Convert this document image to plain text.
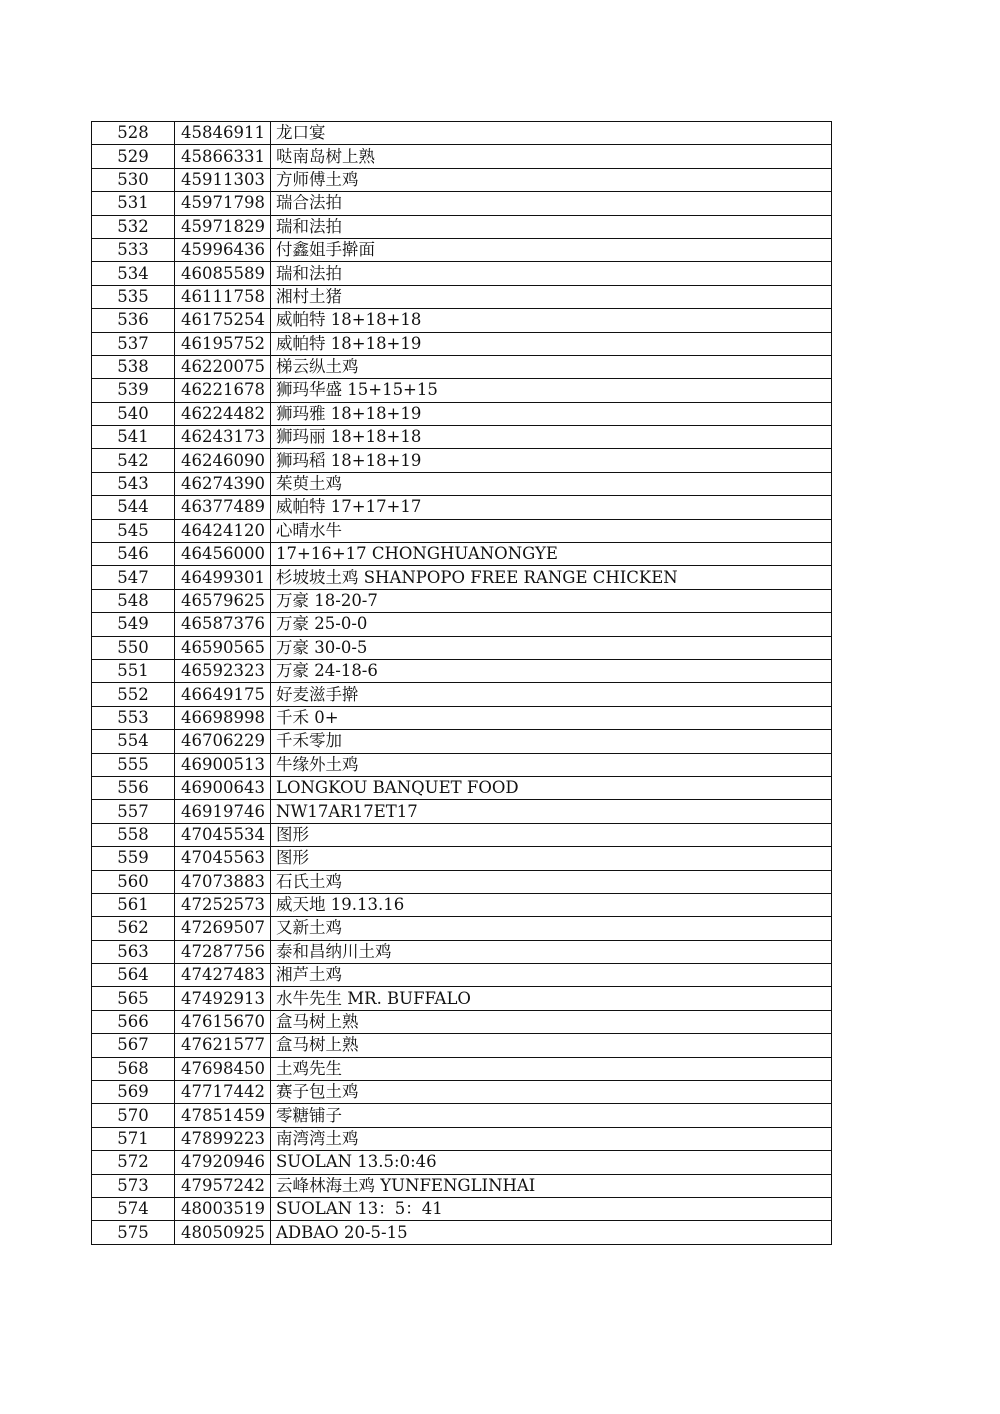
528	45846911	龙口宴
529	45866331	哒南岛树上熟
530	45911303	方师傅土鸡
531	45971798	瑞合法拍
532	45971829	瑞和法拍
533	45996436	付鑫姐手擀面
534	46085589	瑞和法拍
535	46111758	湘村土猪
536	46175254	威帕特 18+18+18
537	46195752	威帕特 18+18+19
538	46220075	梯云纵土鸡
539	46221678	狮玛华盛 15+15+15
540	46224482	狮玛雅 18+18+19
541	46243173	狮玛丽 18+18+18
542	46246090	狮玛稻 18+18+19
543	46274390	茱萸土鸡
544	46377489	威帕特 17+17+17
545	46424120	心晴水牛
546	46456000	17+16+17 CHONGHUANONGYE
547	46499301	杉坡坡土鸡 SHANPOPO FREE RANGE CHICKEN
548	46579625	万豪 18-20-7
549	46587376	万豪 25-0-0
550	46590565	万豪 30-0-5
551	46592323	万豪 24-18-6
552	46649175	好麦滋手擀
553	46698998	千禾 0+
554	46706229	千禾零加
555	46900513	牛缘外土鸡
556	46900643	LONGKOU BANQUET FOOD
557	46919746	NW17AR17ET17
558	47045534	图形
559	47045563	图形
560	47073883	石氏土鸡
561	47252573	威天地 19.13.16
562	47269507	又新土鸡
563	47287756	泰和昌纳川土鸡
564	47427483	湘芦土鸡
565	47492913	水牛先生 MR. BUFFALO
566	47615670	盒马树上熟
567	47621577	盒马树上熟
568	47698450	土鸡先生
569	47717442	赛子包土鸡
570	47851459	零糖铺子
571	47899223	南湾湾土鸡
572	47920946	SUOLAN 13.5:0:46
573	47957242	云峰林海土鸡 YUNFENGLINHAI
574	48003519	SUOLAN 13：5：41
575	48050925	ADBAO 20-5-15
